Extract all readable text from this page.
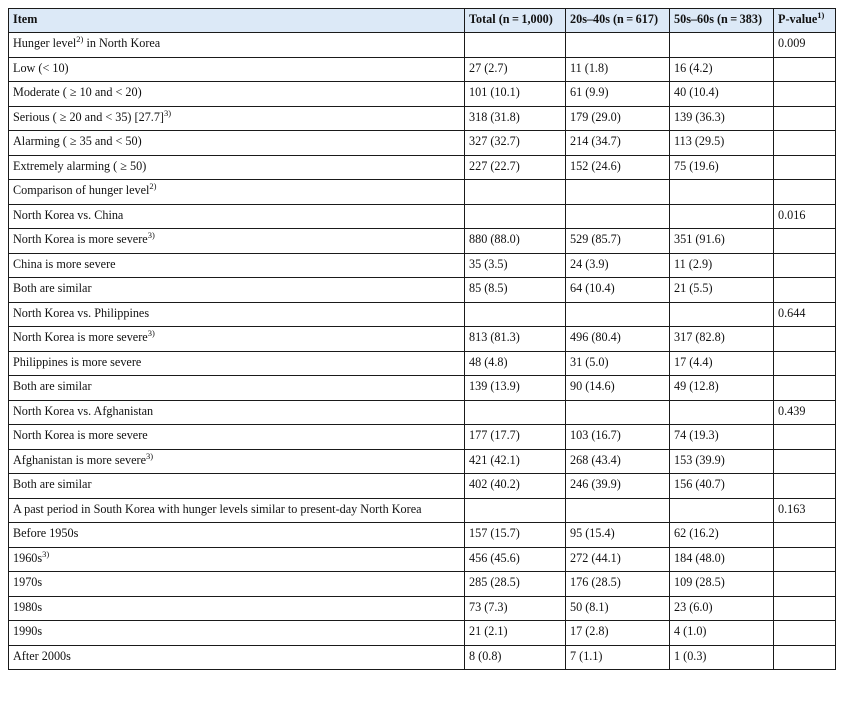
Item	Total (n = 1,000)	20s–40s (n = 617)	50s–60s (n = 383)	P-value$^{1)}$
Hunger level$^{2)}$ in North Korea				0.009
Low (< 10)	27 (2.7)	11 (1.8)	16 (4.2)	
Moderate ( ≥ 10 and < 20)	101 (10.1)	61 (9.9)	40 (10.4)	
Serious ( ≥ 20 and < 35) $[27.7]^{3)}$	318 (31.8)	179 (29.0)	139 (36.3)	
Alarming ( ≥ 35 and < 50)	327 (32.7)	214 (34.7)	113 (29.5)	
Extremely alarming ( ≥ 50)	227 (22.7)	152 (24.6)	75 (19.6)	
Comparison of hunger level$^{2)}$				
North Korea vs. China				0.016
North Korea is more severe$^{3)}$	880 (88.0)	529 (85.7)	351 (91.6)	
China is more severe	35 (3.5)	24 (3.9)	11 (2.9)	
Both are similar	85 (8.5)	64 (10.4)	21 (5.5)	
North Korea vs. Philippines				0.644
North Korea is more severe$^{3)}$	813 (81.3)	496 (80.4)	317 (82.8)	
Philippines is more severe	48 (4.8)	31 (5.0)	17 (4.4)	
Both are similar	139 (13.9)	90 (14.6)	49 (12.8)	
North Korea vs. Afghanistan				0.439
North Korea is more severe	177 (17.7)	103 (16.7)	74 (19.3)	
Afghanistan is more severe$^{3)}$	421 (42.1)	268 (43.4)	153 (39.9)	
Both are similar	402 (40.2)	246 (39.9)	156 (40.7)	
A past period in South Korea with hunger levels similar to present-day North Korea				0.163
Before 1950s	157 (15.7)	95 (15.4)	62 (16.2)	
$1960s^{3)}$	456 (45.6)	272 (44.1)	184 (48.0)	
1970s	285 (28.5)	176 (28.5)	109 (28.5)	
1980s	73 (7.3)	50 (8.1)	23 (6.0)	
1990s	21 (2.1)	17 (2.8)	4 (1.0)	
After 2000s	8 (0.8)	7 (1.1)	1 (0.3)	
